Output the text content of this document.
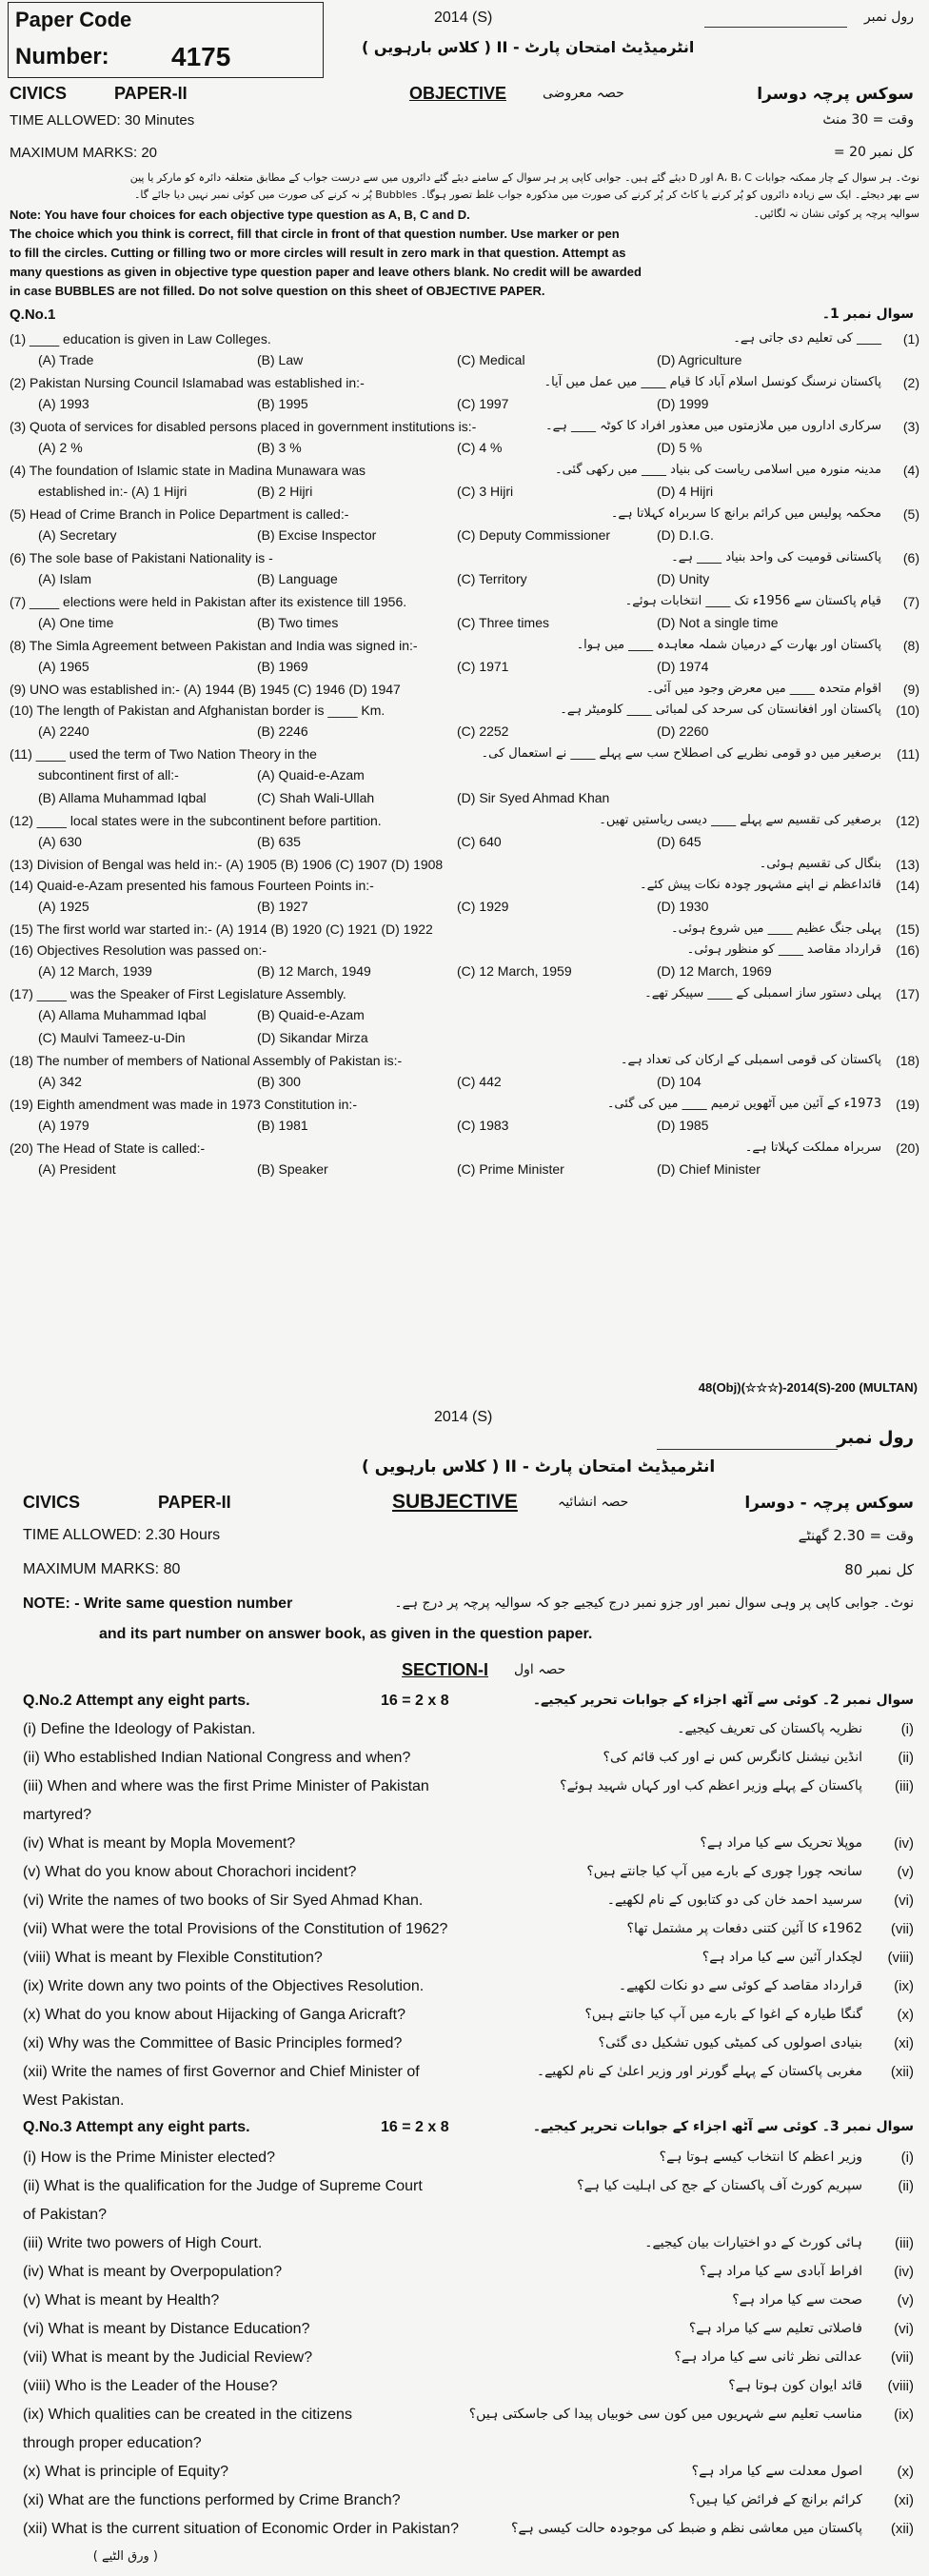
Paper Code
Number: 4175
2014 (S)	رول نمبر
انٹرمیڈیٹ امتحان پارٹ - II ( کلاس بارہویں )
CIVICS	PAPER-II	OBJECTIVE	حصہ معروضی	سوکس پرچہ دوسرا
TIME ALLOWED: 30 Minutes	وقت = 30 منٹ
MAXIMUM MARKS: 20	کل نمبر 20 =
نوٹ۔ ہر سوال کے چار ممکنہ جوابات A، B، C اور D دیئے گئے ہیں۔ جوابی کاپی پر ہر سوال کے سامنے دیئے گئے دائروں میں سے درست جواب کے مطابق متعلقہ دائرہ کو مارکر یا پین
سے بھر دیجئے۔ ایک سے زیادہ دائروں کو پُر کرنے یا کاٹ کر پُر کرنے کی صورت میں مذکورہ جواب غلط تصور ہوگا۔ Bubbles پُر نہ کرنے کی صورت میں کوئی نمبر نہیں دیا جائے گا۔
سوالیہ پرچہ پر کوئی نشان نہ لگائیں۔
Note: You have four choices for each objective type question as A, B, C and D.
The choice which you think is correct, fill that circle in front of that question number. Use marker or pen
to fill the circles. Cutting or filling two or more circles will result in zero mark in that question. Attempt as
many questions as given in objective type question paper and leave others blank. No credit will be awarded
in case BUBBLES are not filled. Do not solve question on this sheet of OBJECTIVE PAPER.
Q.No.1	سوال نمبر 1۔
(1) ____ education is given in Law Colleges.	____ کی تعلیم دی جاتی ہے۔ (1)
(A) Trade	(B) Law	(C) Medical	(D) Agriculture
(2) Pakistan Nursing Council Islamabad was established in:-	پاکستان نرسنگ کونسل اسلام آباد کا قیام ____ میں عمل میں آیا۔ (2)
(A) 1993	(B) 1995	(C) 1997	(D) 1999
(3) Quota of services for disabled persons placed in government institutions is:-	سرکاری اداروں میں ملازمتوں میں معذور افراد کا کوٹہ ____ ہے۔ (3)
(A) 2 %	(B) 3 %	(C) 4 %	(D) 5 %
(4) The foundation of Islamic state in Madina Munawara was	مدینہ منورہ میں اسلامی ریاست کی بنیاد ____ میں رکھی گئی۔ (4)
established in:- (A) 1 Hijri	(B) 2 Hijri	(C) 3 Hijri	(D) 4 Hijri
(5) Head of Crime Branch in Police Department is called:-	محکمہ پولیس میں کرائم برانچ کا سربراہ کہلاتا ہے۔ (5)
(A) Secretary	(B) Excise Inspector	(C) Deputy Commissioner	(D) D.I.G.
(6) The sole base of Pakistani Nationality is -	پاکستانی قومیت کی واحد بنیاد ____ ہے۔ (6)
(A) Islam	(B) Language	(C) Territory	(D) Unity
(7) ____ elections were held in Pakistan after its existence till 1956.	قیام پاکستان سے 1956ء تک ____ انتخابات ہوئے۔ (7)
(A) One time	(B) Two times	(C) Three times	(D) Not a single time
(8) The Simla Agreement between Pakistan and India was signed in:-	پاکستان اور بھارت کے درمیان شملہ معاہدہ ____ میں ہوا۔ (8)
(A) 1965	(B) 1969	(C) 1971	(D) 1974
(9) UNO was established in:- (A) 1944 (B) 1945 (C) 1946 (D) 1947	اقوام متحدہ ____ میں معرض وجود میں آئی۔ (9)
(10) The length of Pakistan and Afghanistan border is ____ Km.	پاکستان اور افغانستان کی سرحد کی لمبائی ____ کلومیٹر ہے۔ (10)
(A) 2240	(B) 2246	(C) 2252	(D) 2260
(11) ____ used the term of Two Nation Theory in the	برصغیر میں دو قومی نظریے کی اصطلاح سب سے پہلے ____ نے استعمال کی۔ (11)
subcontinent first of all:-	(A) Quaid-e-Azam
(B) Allama Muhammad Iqbal	(C) Shah Wali-Ullah	(D) Sir Syed Ahmad Khan
(12) ____ local states were in the subcontinent before partition.	برصغیر کی تقسیم سے پہلے ____ دیسی ریاستیں تھیں۔ (12)
(A) 630	(B) 635	(C) 640	(D) 645
(13) Division of Bengal was held in:- (A) 1905 (B) 1906 (C) 1907 (D) 1908	بنگال کی تقسیم ہوئی۔ (13)
(14) Quaid-e-Azam presented his famous Fourteen Points in:-	قائداعظم نے اپنے مشہور چودہ نکات پیش کئے۔ (14)
(A) 1925	(B) 1927	(C) 1929	(D) 1930
(15) The first world war started in:- (A) 1914 (B) 1920 (C) 1921 (D) 1922	پہلی جنگ عظیم ____ میں شروع ہوئی۔ (15)
(16) Objectives Resolution was passed on:-	قرارداد مقاصد ____ کو منظور ہوئی۔ (16)
(A) 12 March, 1939	(B) 12 March, 1949	(C) 12 March, 1959	(D) 12 March, 1969
(17) ____ was the Speaker of First Legislature Assembly.	پہلی دستور ساز اسمبلی کے ____ سپیکر تھے۔ (17)
(A) Allama Muhammad Iqbal	(B) Quaid-e-Azam
(C) Maulvi Tameez-u-Din	(D) Sikandar Mirza
(18) The number of members of National Assembly of Pakistan is:-	پاکستان کی قومی اسمبلی کے ارکان کی تعداد ہے۔ (18)
(A) 342	(B) 300	(C) 442	(D) 104
(19) Eighth amendment was made in 1973 Constitution in:-	1973ء کے آئین میں آٹھویں ترمیم ____ میں کی گئی۔ (19)
(A) 1979	(B) 1981	(C) 1983	(D) 1985
(20) The Head of State is called:-	سربراہ مملکت کہلاتا ہے۔ (20)
(A) President	(B) Speaker	(C) Prime Minister	(D) Chief Minister
48(Obj)(☆☆☆)-2014(S)-200 (MULTAN)
2014 (S)
رول نمبر
انٹرمیڈیٹ امتحان پارٹ - II ( کلاس بارہویں )
CIVICS	PAPER-II	SUBJECTIVE	حصہ انشائیہ	سوکس پرچہ - دوسرا
TIME ALLOWED: 2.30 Hours	وقت = 2.30 گھنٹے
MAXIMUM MARKS: 80	کل نمبر 80
NOTE: - Write same question number	نوٹ۔ جوابی کاپی پر وہی سوال نمبر اور جزو نمبر درج کیجیے جو کہ سوالیہ پرچہ پر درج ہے۔
and its part number on answer book, as given in the question paper.
SECTION-I حصہ اول
Q.No.2 Attempt any eight parts.	16 = 2 x 8	سوال نمبر 2۔ کوئی سے آٹھ اجزاء کے جوابات تحریر کیجیے۔
(i) Define the Ideology of Pakistan.	نظریہ پاکستان کی تعریف کیجیے۔	(i)
(ii) Who established Indian National Congress and when?	انڈین نیشنل کانگرس کس نے اور کب قائم کی؟ (ii)
(iii) When and where was the first Prime Minister of Pakistan	پاکستان کے پہلے وزیر اعظم کب اور کہاں شہید ہوئے؟ (iii)
martyred?
(iv) What is meant by Mopla Movement?	موپلا تحریک سے کیا مراد ہے؟ (iv)
(v) What do you know about Chorachori incident?	سانحہ چورا چوری کے بارے میں آپ کیا جانتے ہیں؟ (v)
(vi) Write the names of two books of Sir Syed Ahmad Khan.	سرسید احمد خان کی دو کتابوں کے نام لکھیے۔ (vi)
(vii) What were the total Provisions of the Constitution of 1962?	1962ء کا آئین کتنی دفعات پر مشتمل تھا؟ (vii)
(viii) What is meant by Flexible Constitution?	لچکدار آئین سے کیا مراد ہے؟ (viii)
(ix) Write down any two points of the Objectives Resolution.	قرارداد مقاصد کے کوئی سے دو نکات لکھیے۔ (ix)
(x) What do you know about Hijacking of Ganga Aricraft?	گنگا طیارہ کے اغوا کے بارے میں آپ کیا جانتے ہیں؟ (x)
(xi) Why was the Committee of Basic Principles formed?	بنیادی اصولوں کی کمیٹی کیوں تشکیل دی گئی؟ (xi)
(xii) Write the names of first Governor and Chief Minister of	مغربی پاکستان کے پہلے گورنر اور وزیر اعلیٰ کے نام لکھیے۔ (xii)
West Pakistan.
Q.No.3 Attempt any eight parts.	16 = 2 x 8	سوال نمبر 3۔ کوئی سے آٹھ اجزاء کے جوابات تحریر کیجیے۔
(i) How is the Prime Minister elected?	وزیر اعظم کا انتخاب کیسے ہوتا ہے؟	(i)
(ii) What is the qualification for the Judge of Supreme Court	سپریم کورٹ آف پاکستان کے جج کی اہلیت کیا ہے؟ (ii)
of Pakistan?
(iii) Write two powers of High Court.	ہائی کورٹ کے دو اختیارات بیان کیجیے۔ (iii)
(iv) What is meant by Overpopulation?	افراط آبادی سے کیا مراد ہے؟ (iv)
(v) What is meant by Health?	صحت سے کیا مراد ہے؟ (v)
(vi) What is meant by Distance Education?	فاصلاتی تعلیم سے کیا مراد ہے؟ (vi)
(vii) What is meant by the Judicial Review?	عدالتی نظر ثانی سے کیا مراد ہے؟ (vii)
(viii) Who is the Leader of the House?	قائد ایوان کون ہوتا ہے؟ (viii)
(ix) Which qualities can be created in the citizens	مناسب تعلیم سے شہریوں میں کون سی خوبیاں پیدا کی جاسکتی ہیں؟ (ix)
through proper education?
(x) What is principle of Equity?	اصول معدلت سے کیا مراد ہے؟ (x)
(xi) What are the functions performed by Crime Branch?	کرائم برانچ کے فرائض کیا ہیں؟ (xi)
(xii) What is the current situation of Economic Order in Pakistan?	پاکستان میں معاشی نظم و ضبط کی موجودہ حالت کیسی ہے؟ (xii)
( ورق الٹیے )
